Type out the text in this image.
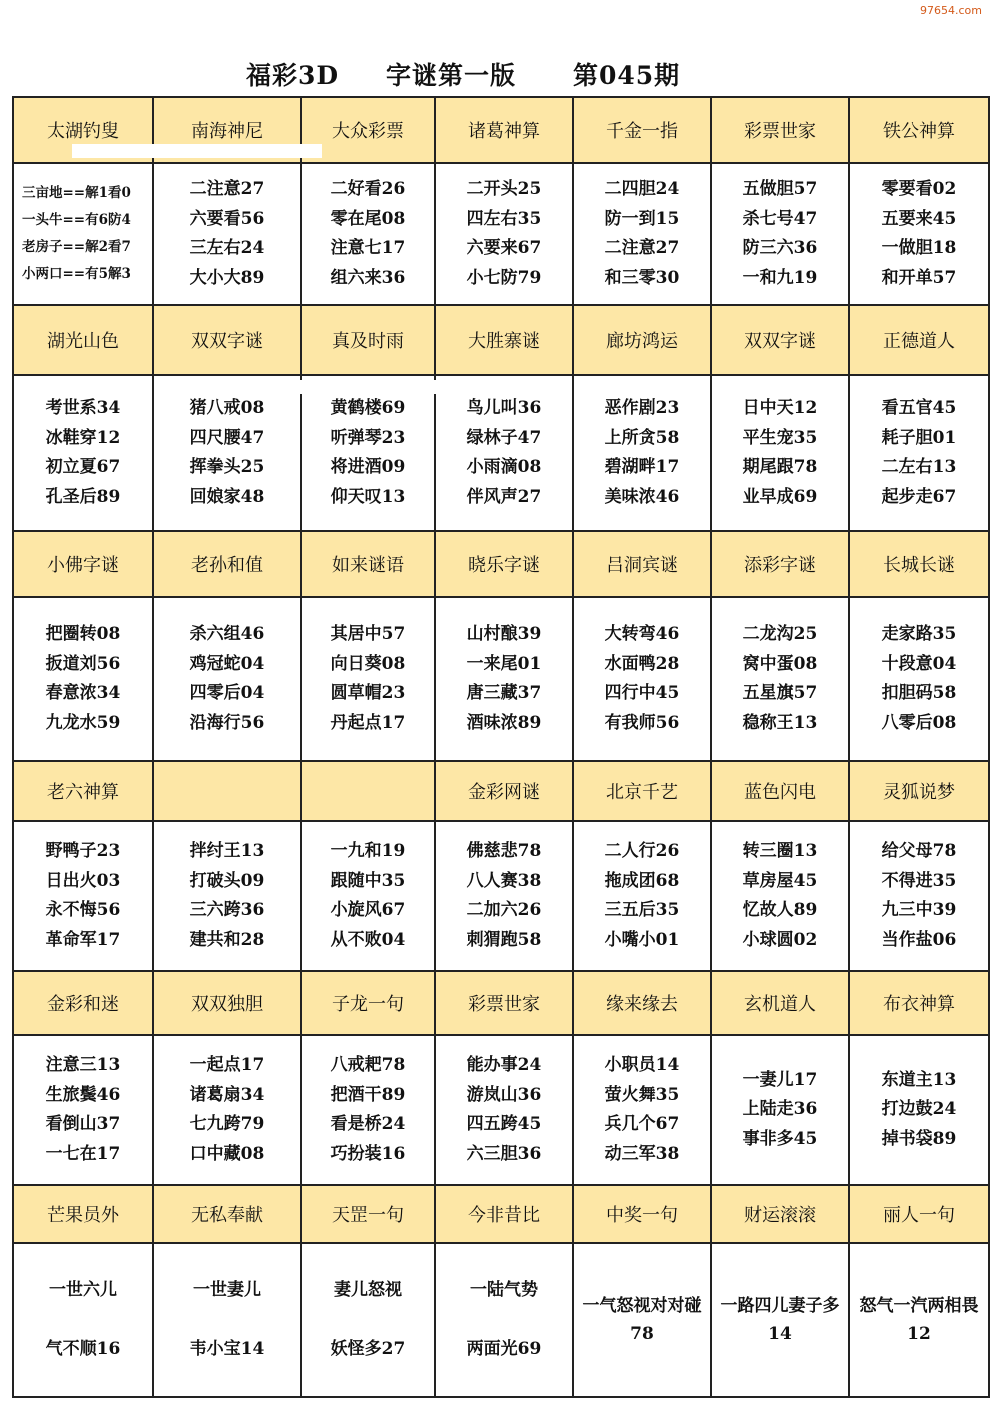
97654.com
福彩3D 字谜第一版 第045期
太湖钓叟	南海神尼	大众彩票	诸葛神算	千金一指	彩票世家	铁公神算

三亩地==解1看0
一头牛==有6防4
老房子==解2看7
小两口==有5解3	二注意27
六要看56
三左右24
大小大89	二好看26
零在尾08
注意七17
组六来36	二开头25
四左右35
六要来67
小七防79	二四胆24
防一到15
二注意27
和三零30	五做胆57
杀七号47
防三六36
一和九19	零要看02
五要来45
一做胆18
和开单57

湖光山色	双双字谜	真及时雨	大胜寨谜	廊坊鸿运	双双字谜	正德道人

考世系34
冰鞋穿12
初立夏67
孔圣后89	猪八戒08
四尺腰47
挥拳头25
回娘家48	黄鹤楼69
听弹琴23
将进酒09
仰天叹13	鸟儿叫36
绿林子47
小雨滴08
伴风声27	恶作剧23
上所贪58
碧湖畔17
美味浓46	日中天12
平生宠35
期尾跟78
业早成69	看五官45
耗子胆01
二左右13
起步走67

小佛字谜	老孙和值	如来谜语	晓乐字谜	吕洞宾谜	添彩字谜	长城长谜

把圈转08
扳道刘56
春意浓34
九龙水59	杀六组46
鸡冠蛇04
四零后04
沿海行56	其居中57
向日葵08
圆草帽23
丹起点17	山村酿39
一来尾01
唐三藏37
酒味浓89	大转弯46
水面鸭28
四行中45
有我师56	二龙沟25
窝中蛋08
五星旗57
稳称王13	走家路35
十段意04
扣胆码58
八零后08

老六神算			金彩网谜	北京千艺	蓝色闪电	灵狐说梦

野鸭子23
日出火03
永不悔56
革命军17	拌纣王13
打破头09
三六跨36
建共和28	一九和19
跟随中35
小旋风67
从不败04	佛慈悲78
八人赛38
二加六26
刺猬跑58	二人行26
拖成团68
三五后35
小嘴小01	转三圈13
草房屋45
忆故人89
小球圆02	给父母78
不得进35
九三中39
当作盐06

金彩和迷	双双独胆	子龙一句	彩票世家	缘来缘去	玄机道人	布衣神算

注意三13
生旅鬓46
看倒山37
一七在17	一起点17
诸葛扇34
七九跨79
口中藏08	八戒耙78
把酒干89
看是桥24
巧扮装16	能办事24
游岚山36
四五跨45
六三胆36	小职员14
萤火舞35
兵几个67
动三军38	一妻儿17
上陆走36
事非多45	东道主13
打边鼓24
掉书袋89

芒果员外	无私奉献	天罡一句	今非昔比	中奖一句	财运滚滚	丽人一句

一世六儿
气不顺16	一世妻儿
韦小宝14	妻儿怒视
妖怪多27	一陆气势
两面光69	一气怒视对对碰78	一路四儿妻子多14	怒气一汽两相畏12
